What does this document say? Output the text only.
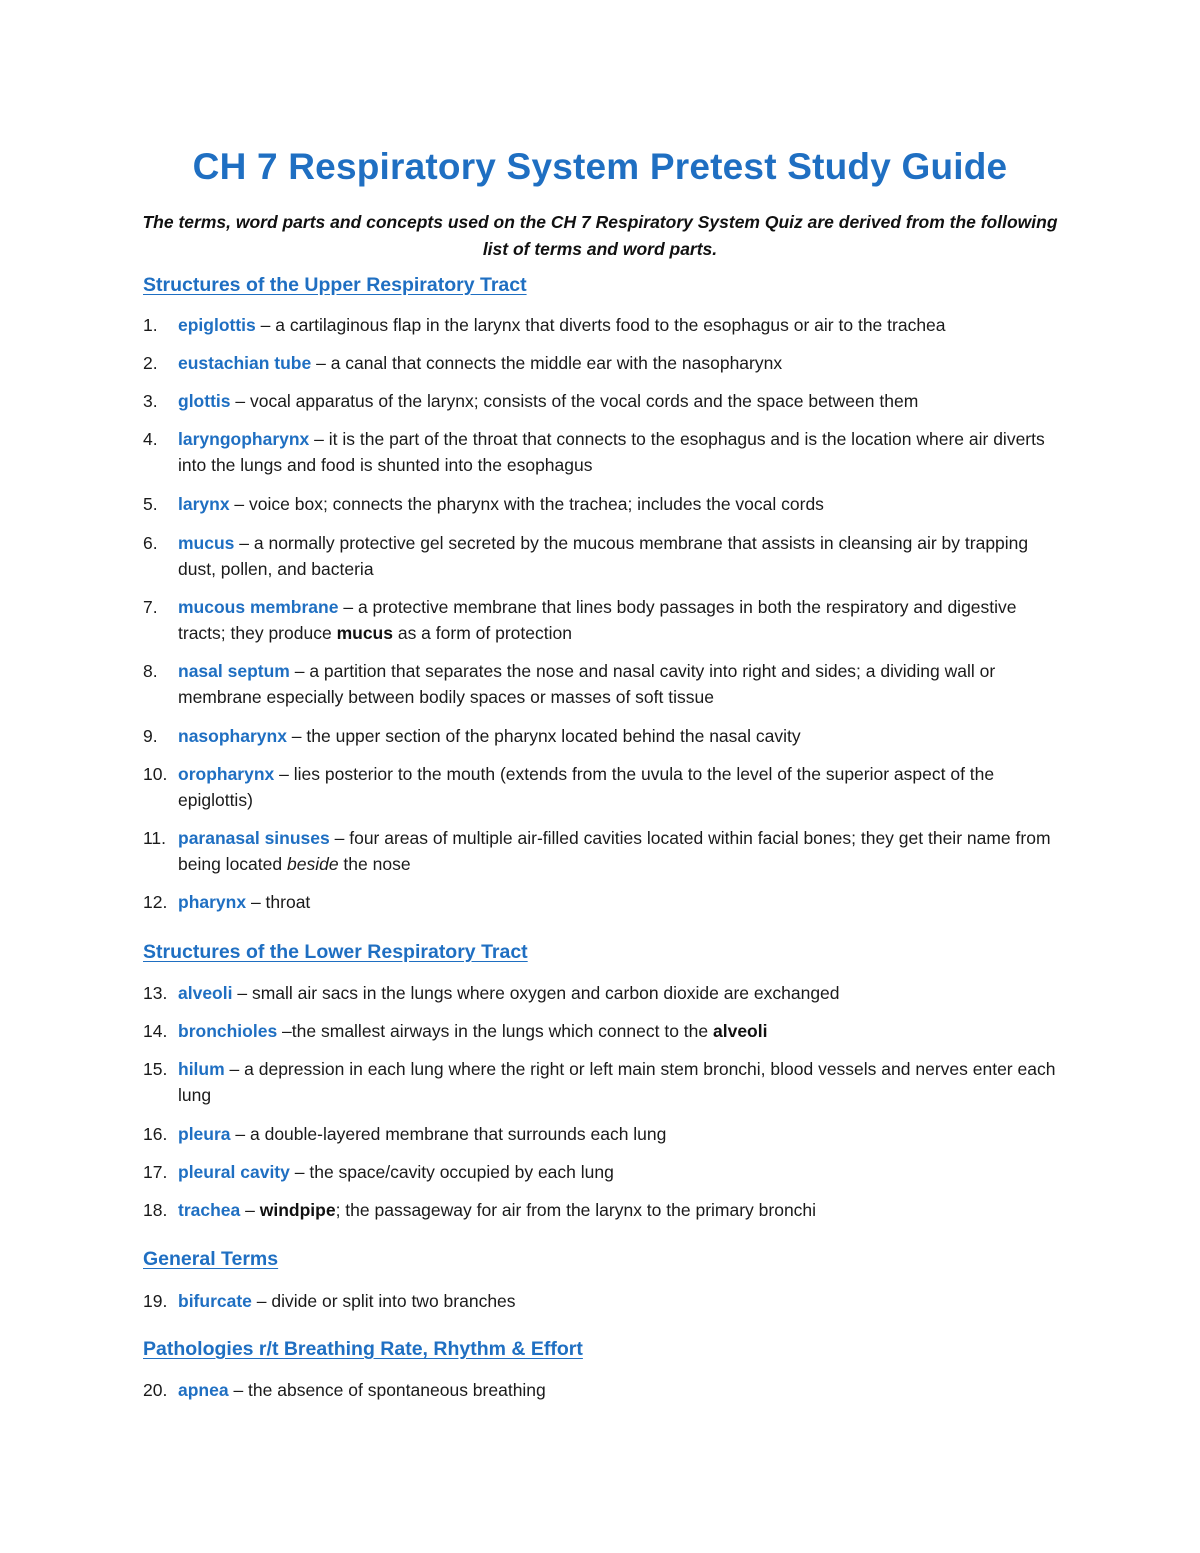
CH 7 Respiratory System Pretest Study Guide

The terms, word parts and concepts used on the CH 7 Respiratory System Quiz are derived from the following list of terms and word parts.

Structures of the Upper Respiratory Tract
1.	epiglottis – a cartilaginous flap in the larynx that diverts food to the esophagus or air to the trachea
2.	eustachian tube – a canal that connects the middle ear with the nasopharynx
3.	glottis – vocal apparatus of the larynx; consists of the vocal cords and the space between them
4.	laryngopharynx – it is the part of the throat that connects to the esophagus and is the location where air diverts into the lungs and food is shunted into the esophagus
5.	larynx – voice box; connects the pharynx with the trachea; includes the vocal cords
6.	mucus – a normally protective gel secreted by the mucous membrane that assists in cleansing air by trapping dust, pollen, and bacteria
7.	mucous membrane – a protective membrane that lines body passages in both the respiratory and digestive tracts; they produce mucus as a form of protection
8.	nasal septum – a partition that separates the nose and nasal cavity into right and sides; a dividing wall or membrane especially between bodily spaces or masses of soft tissue
9.	nasopharynx – the upper section of the pharynx located behind the nasal cavity
10. oropharynx – lies posterior to the mouth (extends from the uvula to the level of the superior aspect of the epiglottis)
11. paranasal sinuses – four areas of multiple air-filled cavities located within facial bones; they get their name from being located beside the nose
12. pharynx – throat
Structures of the Lower Respiratory Tract
13. alveoli – small air sacs in the lungs where oxygen and carbon dioxide are exchanged
14. bronchioles –the smallest airways in the lungs which connect to the alveoli
15. hilum – a depression in each lung where the right or left main stem bronchi, blood vessels and nerves enter each lung
16. pleura – a double-layered membrane that surrounds each lung
17. pleural cavity – the space/cavity occupied by each lung
18. trachea – windpipe; the passageway for air from the larynx to the primary bronchi
General Terms
19. bifurcate – divide or split into two branches
Pathologies r/t Breathing Rate, Rhythm & Effort
20. apnea – the absence of spontaneous breathing
